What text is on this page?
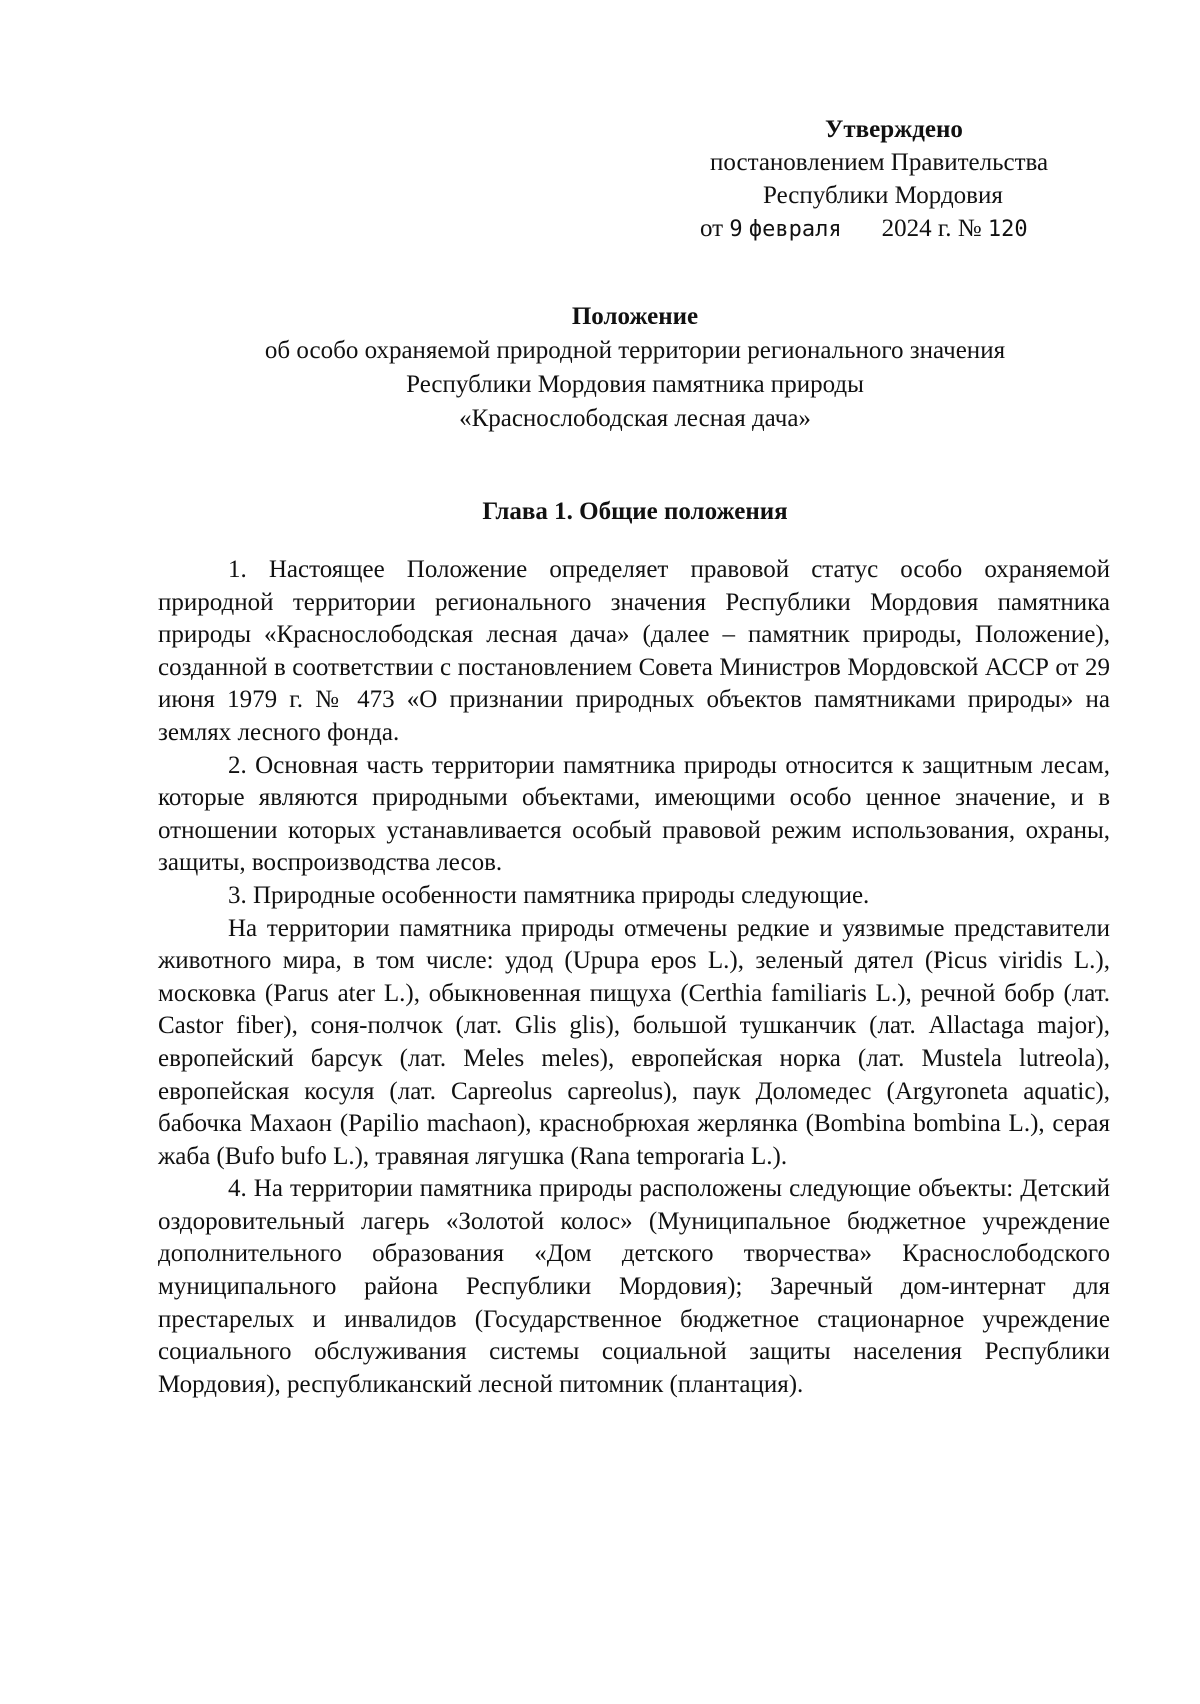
Утверждено
постановлением Правительства
Республики Мордовия
от 9 февраля 2024 г. № 120
Положение
об особо охраняемой природной территории регионального значения
Республики Мордовия памятника природы
«Краснослободская лесная дача»
Глава 1. Общие положения

1. Настоящее Положение определяет правовой статус особо охраняемой природной территории регионального значения Республики Мордовия памятника природы «Краснослободская лесная дача» (далее – памятник природы, Положение), созданной в соответствии с постановлением Совета Министров Мордовской АССР от 29 июня 1979 г. № 473 «О признании природных объектов памятниками природы» на землях лесного фонда.

2. Основная часть территории памятника природы относится к защитным лесам, которые являются природными объектами, имеющими особо ценное значение, и в отношении которых устанавливается особый правовой режим использования, охраны, защиты, воспроизводства лесов.

3. Природные особенности памятника природы следующие.

На территории памятника природы отмечены редкие и уязвимые представители животного мира, в том числе: удод (Upupa epos L.), зеленый дятел (Picus viridis L.), московка (Parus ater L.), обыкновенная пищуха (Certhia familiaris L.), речной бобр (лат. Castor fiber), соня-полчок (лат. Glis glis), большой тушканчик (лат. Allactaga major), европейский барсук (лат. Meles meles), европейская норка (лат. Mustela lutreola), европейская косуля (лат. Capreolus capreolus), паук Доломедес (Argyroneta aquatic), бабочка Махаон (Papilio machaon), краснобрюхая жерлянка (Bombina bombina L.), серая жаба (Bufo bufo L.), травяная лягушка (Rana temporaria L.).

4. На территории памятника природы расположены следующие объекты: Детский оздоровительный лагерь «Золотой колос» (Муниципальное бюджетное учреждение дополнительного образования «Дом детского творчества» Краснослободского муниципального района Республики Мордовия); Заречный дом-интернат для престарелых и инвалидов (Государственное бюджетное стационарное учреждение социального обслуживания системы социальной защиты населения Республики Мордовия), республиканский лесной питомник (плантация).
